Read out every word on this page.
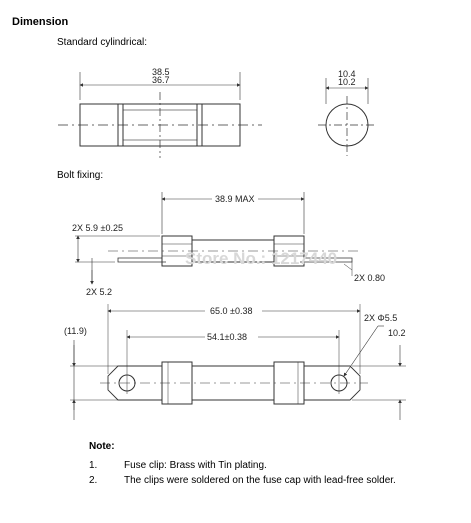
Dimension
Standard cylindrical:
Bolt fixing:
38.5
36.7
10.4
10.2
38.9 MAX
2X 5.9 ±0.25
2X 5.2
2X 0.80
Store No.: 1217440
65.0 ±0.38
54.1±0.38
(11.9)
2X Φ5.5
10.2
Note:
1.	Fuse clip: Brass with Tin plating.
2.	The clips were soldered on the fuse cap with lead-free solder.
